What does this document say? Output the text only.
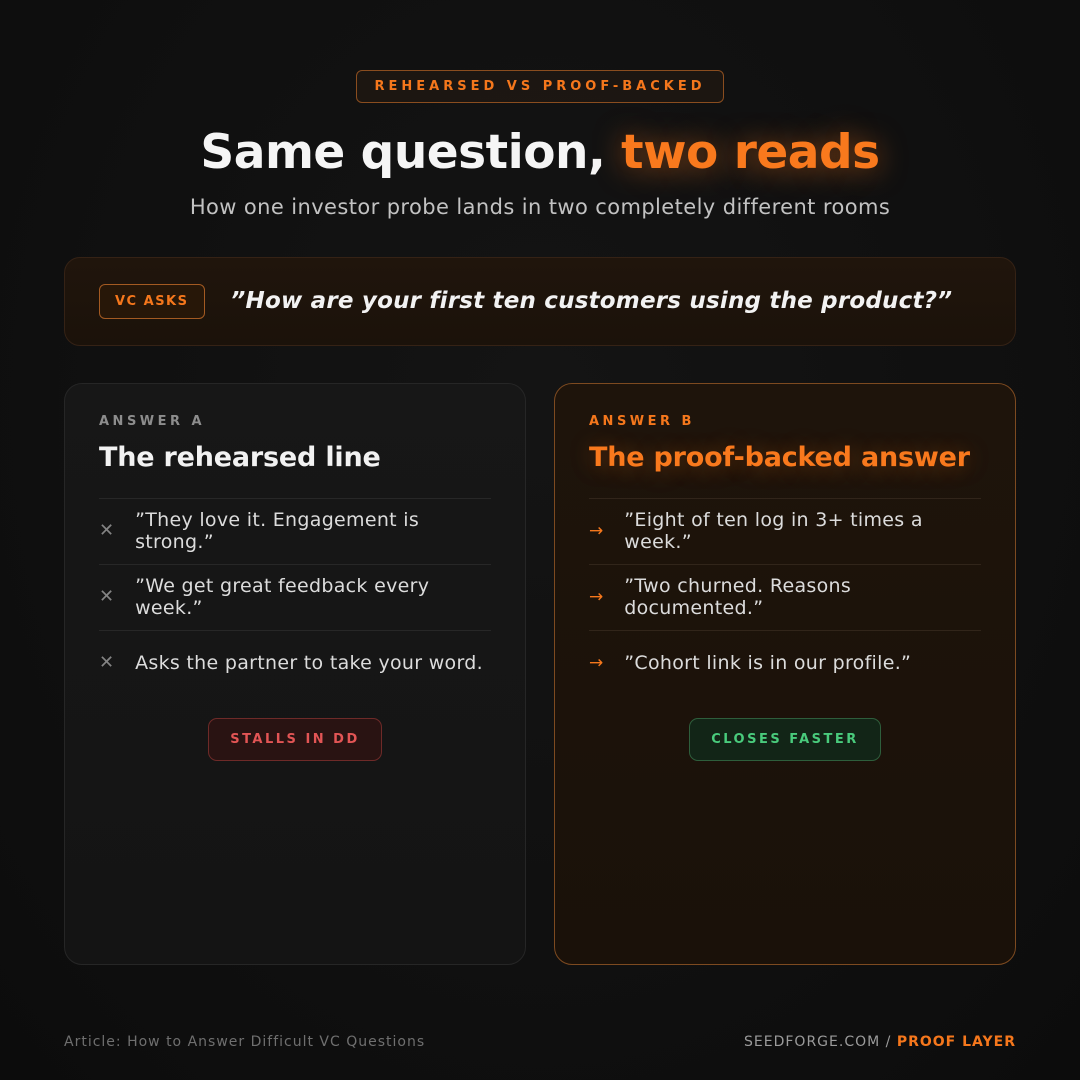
REHEARSED VS PROOF-BACKED
Same question, two reads

How one investor probe lands in two completely different rooms

VC ASKS	”How are your first ten customers using the product?”
ANSWER A
The rehearsed line
✕ ”They love it. Engagement is strong.”
✕ ”We get great feedback every week.”
✕ Asks the partner to take your word.
STALLS IN DD
ANSWER B
The proof-backed answer
→ ”Eight of ten log in 3+ times a week.”
→ ”Two churned. Reasons documented.”
→ ”Cohort link is in our profile.”
CLOSES FASTER
Article: How to Answer Difficult VC Questions	SEEDFORGE.COM / PROOF LAYER
